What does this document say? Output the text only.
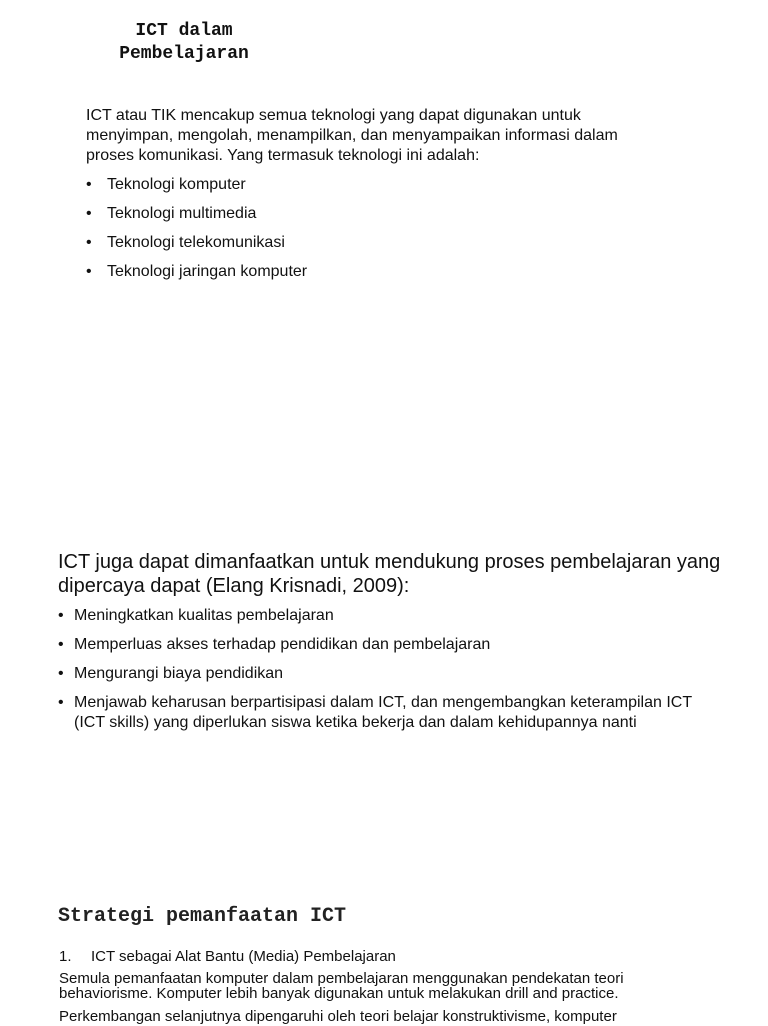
ICT dalam
Pembelajaran

ICT atau TIK mencakup semua teknologi yang dapat digunakan untuk menyimpan, mengolah, menampilkan, dan menyampaikan informasi dalam proses komunikasi. Yang termasuk teknologi ini adalah:

• Teknologi komputer
• Teknologi multimedia
• Teknologi telekomunikasi
• Teknologi jaringan komputer

ICT juga dapat dimanfaatkan untuk mendukung proses pembelajaran yang dipercaya dapat (Elang Krisnadi, 2009):

• Meningkatkan kualitas pembelajaran
• Memperluas akses terhadap pendidikan dan pembelajaran
• Mengurangi biaya pendidikan
• Menjawab keharusan berpartisipasi dalam ICT, dan mengembangkan keterampilan ICT (ICT skills) yang diperlukan siswa ketika bekerja dan dalam kehidupannya nanti
Strategi pemanfaatan ICT

1. ICT sebagai Alat Bantu (Media) Pembelajaran

Semula pemanfaatan komputer dalam pembelajaran menggunakan pendekatan teori behaviorisme. Komputer lebih banyak digunakan untuk melakukan drill and practice.

Perkembangan selanjutnya dipengaruhi oleh teori belajar konstruktivisme, komputer
